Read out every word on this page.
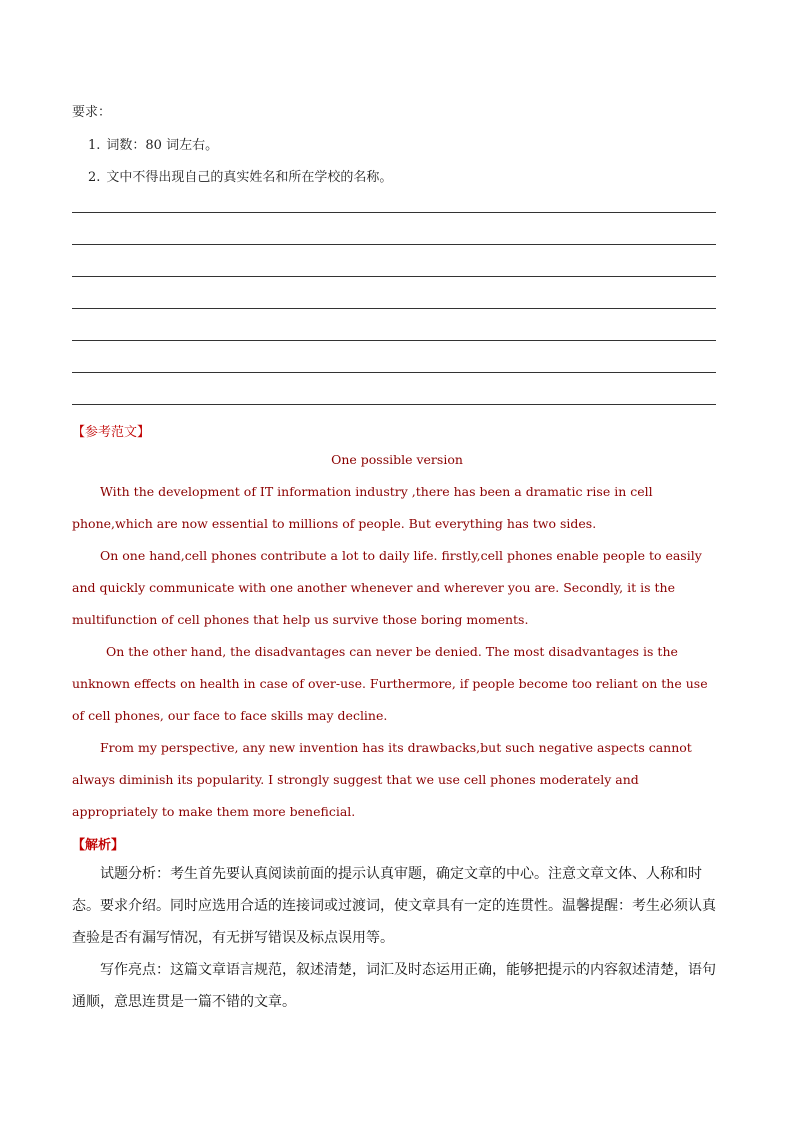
要求：
1. 词数：80 词左右。
2. 文中不得出现自己的真实姓名和所在学校的名称。
【参考范文】
One possible version

With the development of IT information industry ,there has been a dramatic rise in cell phone,which are now essential to millions of people. But everything has two sides.

On one hand,cell phones contribute a lot to daily life. firstly,cell phones enable people to easily and quickly communicate with one another whenever and wherever you are. Secondly, it is the multifunction of cell phones that help us survive those boring moments.

On the other hand, the disadvantages can never be denied. The most disadvantages is the unknown effects on health in case of over-use. Furthermore, if people become too reliant on the use of cell phones, our face to face skills may decline.

From my perspective, any new invention has its drawbacks,but such negative aspects cannot always diminish its popularity. I strongly suggest that we use cell phones moderately and appropriately to make them more beneficial.

【解析】

试题分析：考生首先要认真阅读前面的提示认真审题，确定文章的中心。注意文章文体、人称和时态。要求介绍。同时应选用合适的连接词或过渡词，使文章具有一定的连贯性。温馨提醒：考生必须认真查验是否有漏写情况，有无拼写错误及标点误用等。

写作亮点：这篇文章语言规范，叙述清楚，词汇及时态运用正确，能够把提示的内容叙述清楚，语句通顺，意思连贯是一篇不错的文章。
